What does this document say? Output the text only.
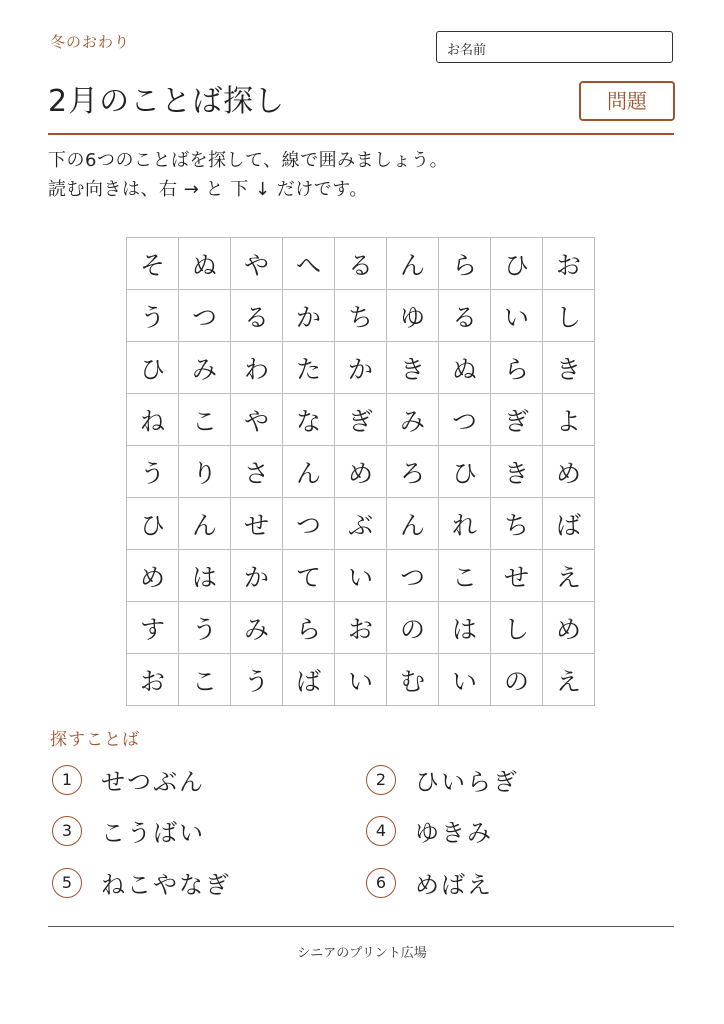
冬のおわり	お名前
2月のことば探し	問題
下の6つのことばを探して、線で囲みましょう。
読む向きは、右 → と 下 ↓ だけです。
そ	ぬ	や	へ	る	ん	ら	ひ	お
う	つ	る	か	ち	ゆ	る	い	し
ひ	み	わ	た	か	き	ぬ	ら	き
ね	こ	や	な	ぎ	み	つ	ぎ	よ
う	り	さ	ん	め	ろ	ひ	き	め
ひ	ん	せ	つ	ぶ	ん	れ	ち	ば
め	は	か	て	い	つ	こ	せ	え
す	う	み	ら	お	の	は	し	め
お	こ	う	ば	い	む	い	の	え
探すことば
1	せつぶん	2	ひいらぎ
3	こうばい	4	ゆきみ
5	ねこやなぎ	6	めばえ
シニアのプリント広場
